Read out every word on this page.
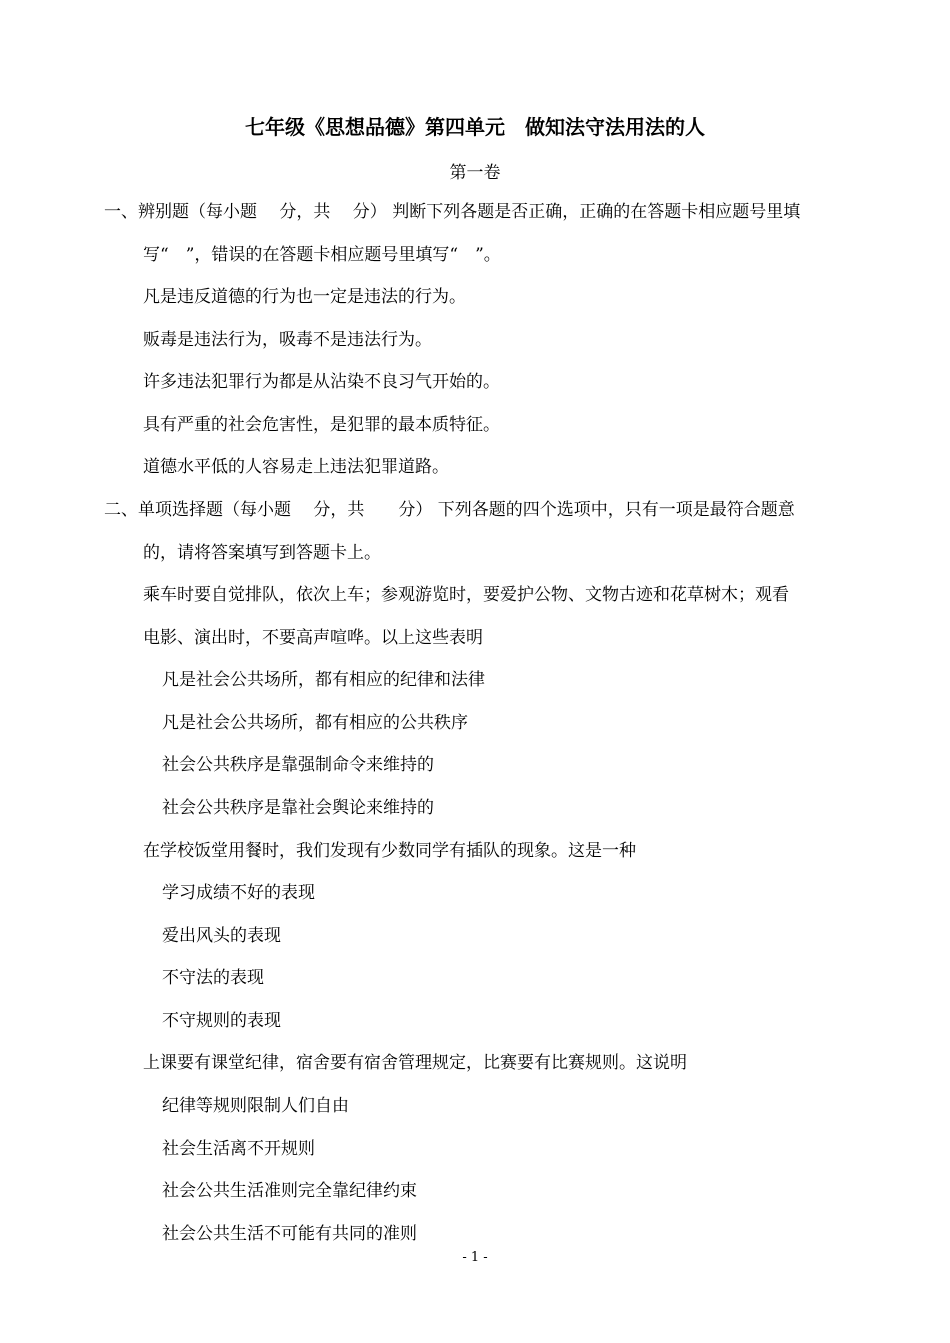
七年级《思想品德》第四单元　做知法守法用法的人
第一卷
一、辨别题（每小题　 分，共　 分） 判断下列各题是否正确，正确的在答题卡相应题号里填
写“　”，错误的在答题卡相应题号里填写“　”。
凡是违反道德的行为也一定是违法的行为。
贩毒是违法行为，吸毒不是违法行为。
许多违法犯罪行为都是从沾染不良习气开始的。
具有严重的社会危害性，是犯罪的最本质特征。
道德水平低的人容易走上违法犯罪道路。
二、单项选择题（每小题　 分，共　　分） 下列各题的四个选项中，只有一项是最符合题意
的，请将答案填写到答题卡上。
乘车时要自觉排队，依次上车；参观游览时，要爱护公物、文物古迹和花草树木；观看
电影、演出时，不要高声喧哗。以上这些表明
凡是社会公共场所，都有相应的纪律和法律
凡是社会公共场所，都有相应的公共秩序
社会公共秩序是靠强制命令来维持的
社会公共秩序是靠社会舆论来维持的
在学校饭堂用餐时，我们发现有少数同学有插队的现象。这是一种
学习成绩不好的表现
爱出风头的表现
不守法的表现
不守规则的表现
上课要有课堂纪律，宿舍要有宿舍管理规定，比赛要有比赛规则。这说明
纪律等规则限制人们自由
社会生活离不开规则
社会公共生活准则完全靠纪律约束
社会公共生活不可能有共同的准则
- 1 -
